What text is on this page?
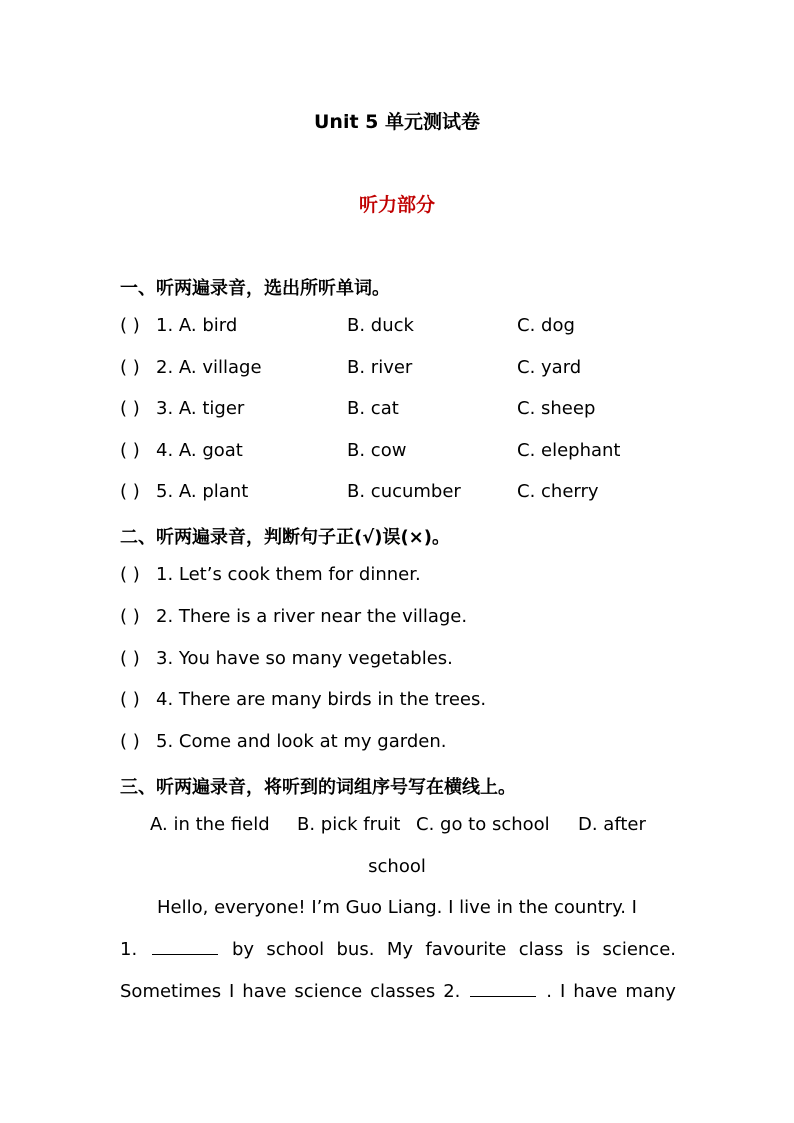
Unit 5 单元测试卷
听力部分
一、听两遍录音，选出所听单词。
( ) 1. A. bird	B. duck	C. dog
( ) 2. A. village	B. river	C. yard
( ) 3. A. tiger	B. cat	C. sheep
( ) 4. A. goat	B. cow	C. elephant
( ) 5. A. plant	B. cucumber	C. cherry
二、听两遍录音，判断句子正(√)误(×)。
( ) 1. Let’s cook them for dinner.
( ) 2. There is a river near the village.
( ) 3. You have so many vegetables.
( ) 4. There are many birds in the trees.
( ) 5. Come and look at my garden.
三、听两遍录音，将听到的词组序号写在横线上。
A. in the field B. pick fruit C. go to school D. after
school
Hello, everyone! I’m Guo Liang. I live in the country. I
1.	by school bus. My favourite class is science.
Sometimes I have science classes 2.	. I have many
